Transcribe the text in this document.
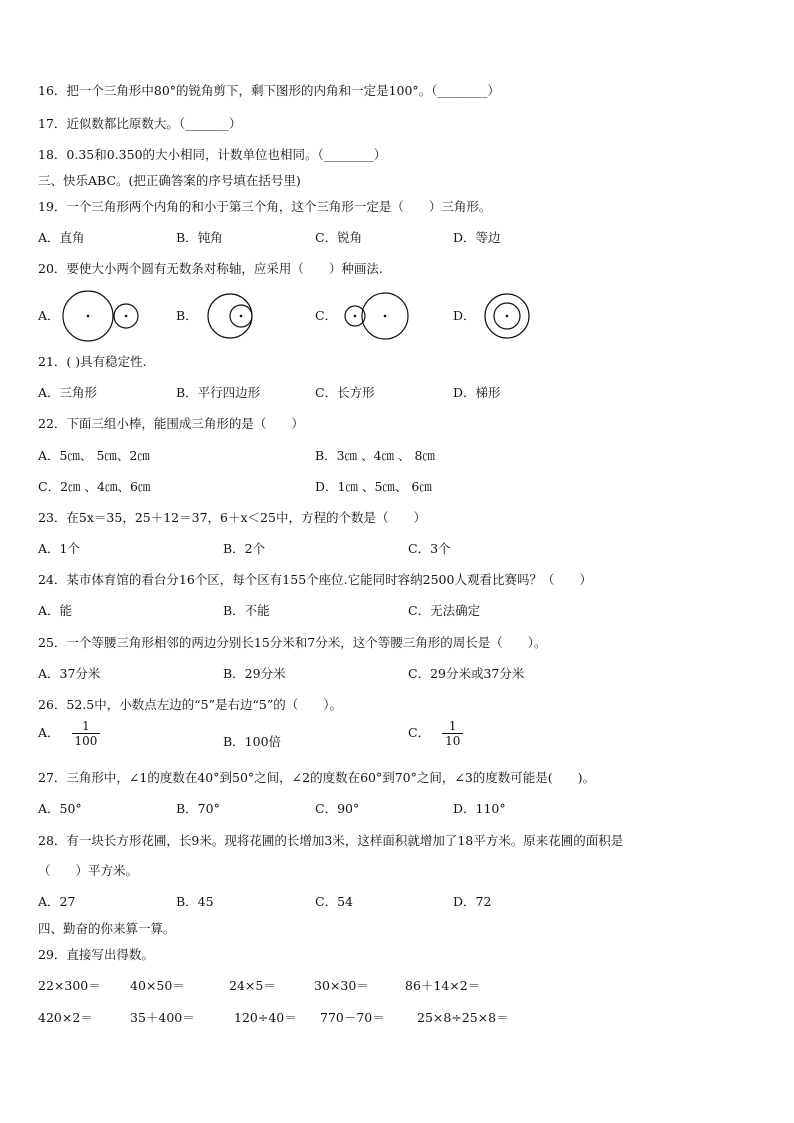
16．把一个三角形中80°的锐角剪下，剩下图形的内角和一定是100°。（________）
17．近似数都比原数大。（_______）
18．0.35和0.350的大小相同，计数单位也相同。（________）
三、快乐ABC。(把正确答案的序号填在括号里)
19．一个三角形两个内角的和小于第三个角，这个三角形一定是（　　）三角形。
A．直角	B．钝角	C．锐角	D．等边
20．要使大小两个圆有无数条对称轴，应采用（　　）种画法.
A．	B．	C．	D．
21．( )具有稳定性.
A．三角形	B．平行四边形	C．长方形	D．梯形
22．下面三组小棒，能围成三角形的是（　　）
A．5㎝、 5㎝、2㎝	B．3㎝ 、4㎝ 、 8㎝
C．2㎝ 、4㎝、6㎝	D．1㎝ 、5㎝、 6㎝
23．在5x＝35，25＋12＝37，6＋x＜25中，方程的个数是（　　）
A．1个	B．2个	C．3个
24．某市体育馆的看台分16个区，每个区有155个座位.它能同时容纳2500人观看比赛吗？（　　）
A．能	B．不能	C．无法确定
25．一个等腰三角形相邻的两边分别长15分米和7分米，这个等腰三角形的周长是（　　）。
A．37分米	B．29分米	C．29分米或37分米
26．52.5中，小数点左边的“5”是右边“5”的（　　）。
A． $\frac{1}{100}$	B．100倍
C． $\frac{1}{10}$
27．三角形中，∠1的度数在40°到50°之间，∠2的度数在60°到70°之间，∠3的度数可能是(　　)。
A．50°	B．70°	C．90°	D．110°
28．有一块长方形花圃，长9米。现将花圃的长增加3米，这样面积就增加了18平方米。原来花圃的面积是
（　　）平方米。
A．27	B．45	C．54	D．72
四、勤奋的你来算一算。
29．直接写出得数。
22×300＝ 40×50＝	24×5＝	30×30＝	86＋14×2＝
420×2＝	35＋400＝	120÷40＝ 770－70＝	25×8÷25×8＝
